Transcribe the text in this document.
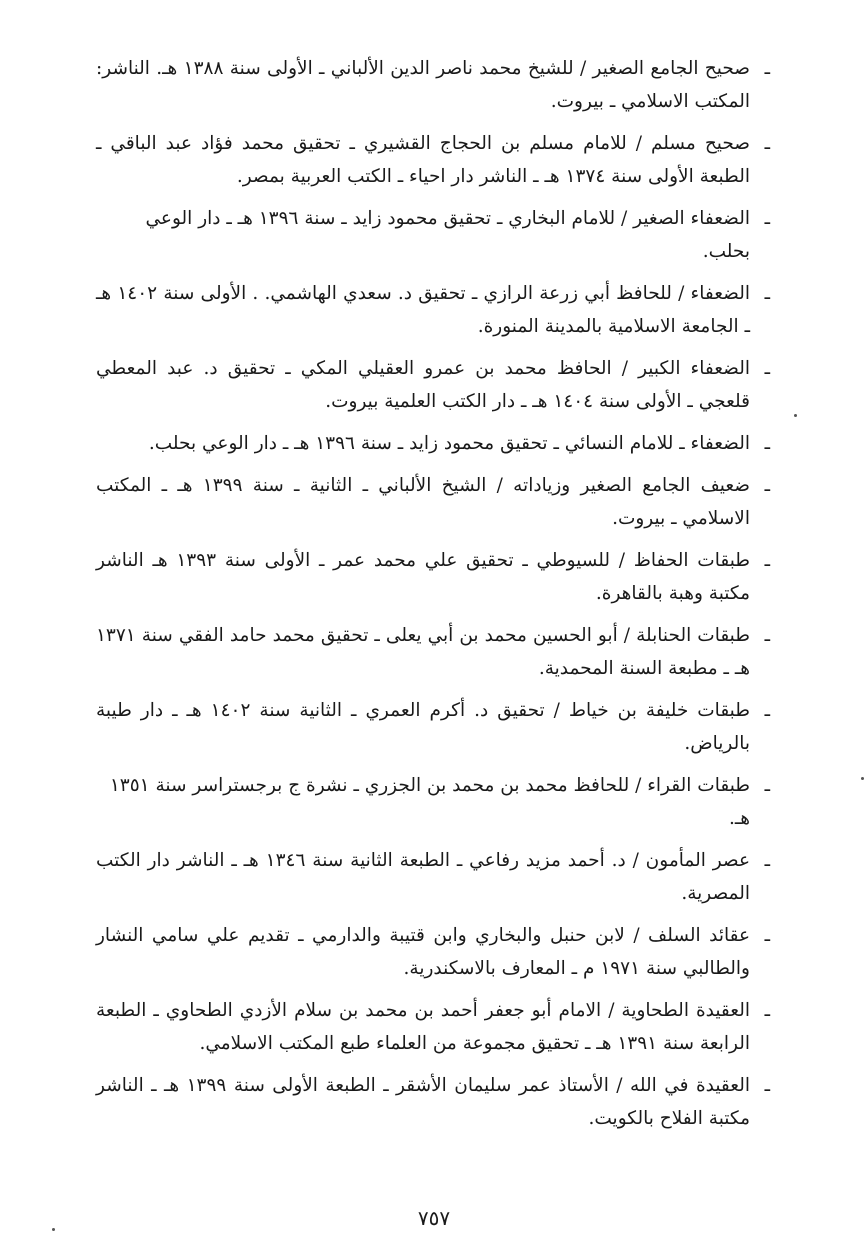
ـ
صحيح الجامع الصغير / للشيخ محمد ناصر الدين الألباني ـ الأولى سنة ١٣٨٨ هـ. الناشر: المكتب الاسلامي ـ بيروت.
ـ
صحيح مسلم / للامام مسلم بن الحجاج القشيري ـ تحقيق محمد فؤاد عبد الباقي ـ الطبعة الأولى سنة ١٣٧٤ هـ ـ الناشر دار احياء ـ الكتب العربية بمصر.
ـ
الضعفاء الصغير / للامام البخاري ـ تحقيق محمود زايد ـ سنة ١٣٩٦ هـ ـ دار الوعي بحلب.
ـ
الضعفاء / للحافظ أبي زرعة الرازي ـ تحقيق د. سعدي الهاشمي. . الأولى سنة ١٤٠٢ هـ ـ الجامعة الاسلامية بالمدينة المنورة.
ـ
الضعفاء الكبير / الحافظ محمد بن عمرو العقيلي المكي ـ تحقيق د. عبد المعطي قلعجي ـ الأولى سنة ١٤٠٤ هـ ـ دار الكتب العلمية بيروت.
ـ
الضعفاء ـ للامام النسائي ـ تحقيق محمود زايد ـ سنة ١٣٩٦ هـ ـ دار الوعي بحلب.
ـ
ضعيف الجامع الصغير وزياداته / الشيخ الألباني ـ الثانية ـ سنة ١٣٩٩ هـ ـ المكتب الاسلامي ـ بيروت.
ـ
طبقات الحفاظ / للسيوطي ـ تحقيق علي محمد عمر ـ الأولى سنة ١٣٩٣ هـ الناشر مكتبة وهبة بالقاهرة.
ـ
طبقات الحنابلة / أبو الحسين محمد بن أبي يعلى ـ تحقيق محمد حامد الفقي سنة ١٣٧١ هـ ـ مطبعة السنة المحمدية.
ـ
طبقات خليفة بن خياط / تحقيق د. أكرم العمري ـ الثانية سنة ١٤٠٢ هـ ـ دار طيبة بالرياض.
ـ
طبقات القراء / للحافظ محمد بن محمد بن الجزري ـ نشرة ج برجستراسر سنة ١٣٥١ هـ.
ـ
عصر المأمون / د. أحمد مزيد رفاعي ـ الطبعة الثانية سنة ١٣٤٦ هـ ـ الناشر دار الكتب المصرية.
ـ
عقائد السلف / لابن حنبل والبخاري وابن قتيبة والدارمي ـ تقديم علي سامي النشار والطالبي سنة ١٩٧١ م ـ المعارف بالاسكندرية.
ـ
العقيدة الطحاوية / الامام أبو جعفر أحمد بن محمد بن سلام الأزدي الطحاوي ـ الطبعة الرابعة سنة ١٣٩١ هـ ـ تحقيق مجموعة من العلماء طبع المكتب الاسلامي.
ـ
العقيدة في الله / الأستاذ عمر سليمان الأشقر ـ الطبعة الأولى سنة ١٣٩٩ هـ ـ الناشر مكتبة الفلاح بالكويت.
٧٥٧
